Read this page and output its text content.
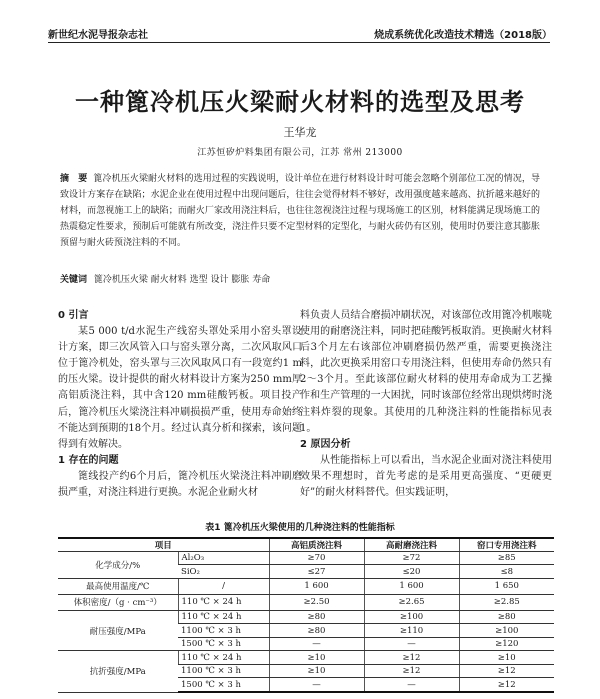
新世纪水泥导报杂志社	烧成系统优化改造技术精选（2018版）
一种篦冷机压火梁耐火材料的选型及思考
王华龙
江苏恒矽炉料集团有限公司，江苏 常州 213000
摘　要 篦冷机压火梁耐火材料的选用过程的实践说明，设计单位在进行材料设计时可能会忽略个别部位工况的情况，导致设计方案存在缺陷；水泥企业在使用过程中出现问题后，往往会觉得材料不够好，改用强度越来越高、抗折越来越好的材料，而忽视施工上的缺陷；而耐火厂家改用浇注料后，也往往忽视浇注过程与现场施工的区别，材料能满足现场施工的热震稳定性要求，预制后可能就有所改变，浇注件只要不定型材料的定型化，与耐火砖仍有区别，使用时仍要注意其膨胀预留与耐火砖预浇注料的不同。
关键词 篦冷机压火梁 耐火材料 选型 设计 膨胀 寿命
0 引言

某5 000 t/d水泥生产线窑头罩处采用小窑头罩设计方案，即三次风管入口与窑头罩分离，二次风取风口位于篦冷机处，窑头罩与三次风取风口有一段宽约1 m的压火梁。设计提供的耐火材料设计方案为250 mm厚高铝质浇注料，其中含120 mm硅酸钙板。项目投产后，篦冷机压火梁浇注料冲刷损损严重，使用寿命始终不能达到预期的18个月。经过认真分析和探索，该问题得到有效解决。

1 存在的问题

篦线投产约6个月后，篦冷机压火梁浇注料冲刷磨损严重，对浇注料进行更换。水泥企业耐火材

料负责人员结合磨损冲刷状况，对该部位改用篦冷机喉咙使用的耐磨浇注料，同时把硅酸钙板取消。更换耐火材料后3个月左右该部位冲刷磨损仍然严重，需要更换浇注料，此次更换采用窑口专用浇注料，但使用寿命仍然只有2～3个月。至此该部位耐火材料的使用寿命成为工艺操作和生产管理的一大困扰，同时该部位经常出现烘烤时浇注料炸裂的现象。其使用的几种浇注料的性能指标见表1。

2 原因分析

从性能指标上可以看出，当水泥企业面对浇注料使用效果不理想时，首先考虑的是采用更高强度、“更硬更好”的耐火材料替代。但实践证明，

表1 篦冷机压火梁使用的几种浇注料的性能指标
项目		高铝质浇注料	高耐磨浇注料	窑口专用浇注料
化学成分/%	Al₂O₃	≥70	≥72	≥85
	SiO₂	≤27	≤20	≤8
最高使用温度/℃	/	1 600	1 600	1 650
体积密度/（g · cm⁻³）	110 ℃ × 24 h	≥2.50	≥2.65	≥2.85
耐压强度/MPa	110 ℃ × 24 h	≥80	≥100	≥80
	1100 ℃ × 3 h	≥80	≥110	≥100
	1500 ℃ × 3 h	—	—	≥120
抗折强度/MPa	110 ℃ × 24 h	≥10	≥12	≥10
	1100 ℃ × 3 h	≥10	≥12	≥12
	1500 ℃ × 3 h	—	—	≥12
